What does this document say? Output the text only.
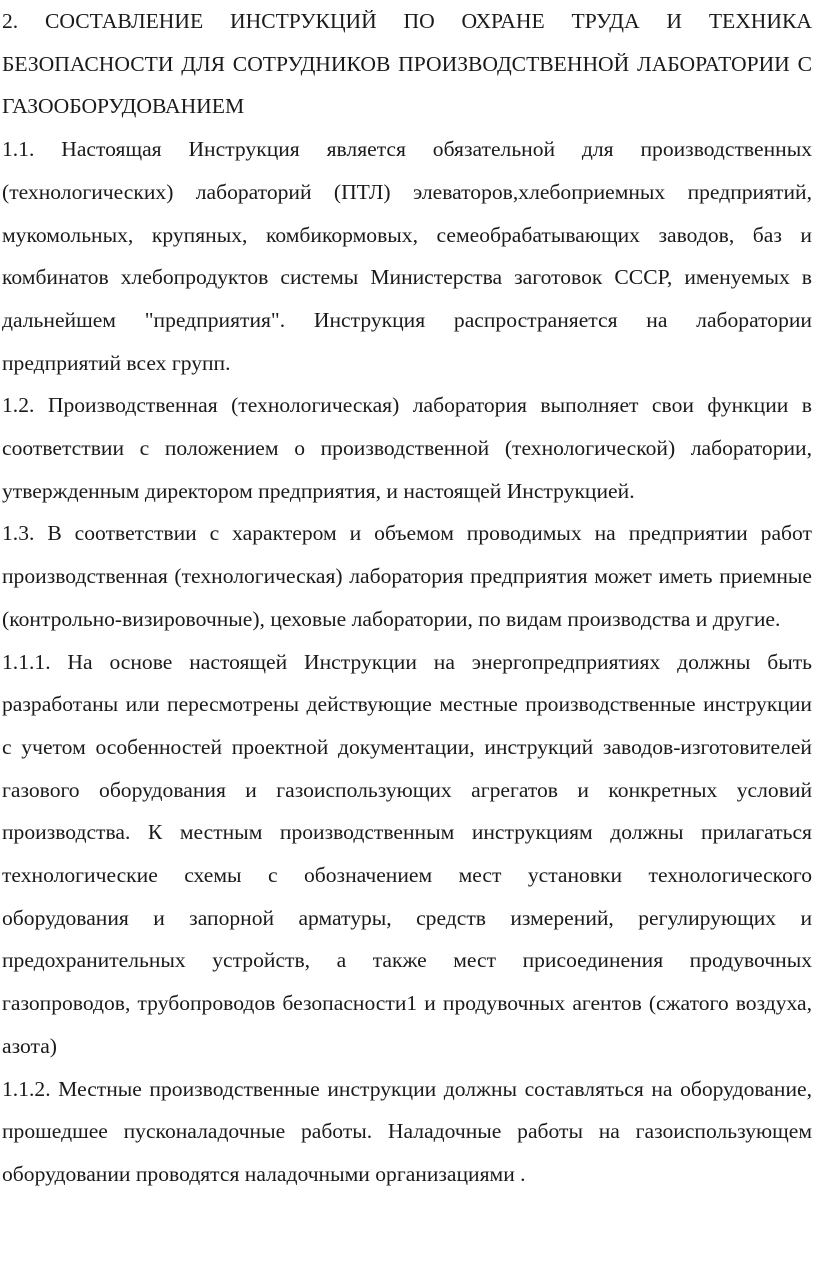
2. СОСТАВЛЕНИЕ ИНСТРУКЦИЙ ПО ОХРАНЕ ТРУДА И ТЕХНИКА БЕЗОПАСНОСТИ ДЛЯ СОТРУДНИКОВ ПРОИЗВОДСТВЕННОЙ ЛАБОРАТОРИИ С ГАЗООБОРУДОВАНИЕМ

1.1. Настоящая Инструкция является обязательной для производственных (технологических) лабораторий (ПТЛ) элеваторов,хлебоприемных предприятий, мукомольных, крупяных, комбикормовых, семеобрабатывающих заводов, баз и комбинатов хлебопродуктов системы Министерства заготовок СССР, именуемых в дальнейшем "предприятия". Инструкция распространяется на лаборатории предприятий всех групп.

1.2. Производственная (технологическая) лаборатория выполняет свои функции в соответствии с положением о производственной (технологической) лаборатории, утвержденным директором предприятия, и настоящей Инструкцией.

1.3. В соответствии с характером и объемом проводимых на предприятии работ производственная (технологическая) лаборатория предприятия может иметь приемные (контрольно-визировочные), цеховые лаборатории, по видам производства и другие.

1.1.1. На основе настоящей Инструкции на энергопредприятиях должны быть разработаны или пересмотрены действующие местные производственные инструкции с учетом особенностей проектной документации, инструкций заводов-изготовителей газового оборудования и газоиспользующих агрегатов и конкретных условий производства. К местным производственным инструкциям должны прилагаться технологические схемы с обозначением мест установки технологического оборудования и запорной арматуры, средств измерений, регулирующих и предохранительных устройств, а также мест присоединения продувочных газопроводов, трубопроводов безопасности1 и продувочных агентов (сжатого воздуха, азота)

1.1.2. Местные производственные инструкции должны составляться на оборудование, прошедшее пусконаладочные работы. Наладочные работы на газоиспользующем оборудовании проводятся наладочными организациями .
